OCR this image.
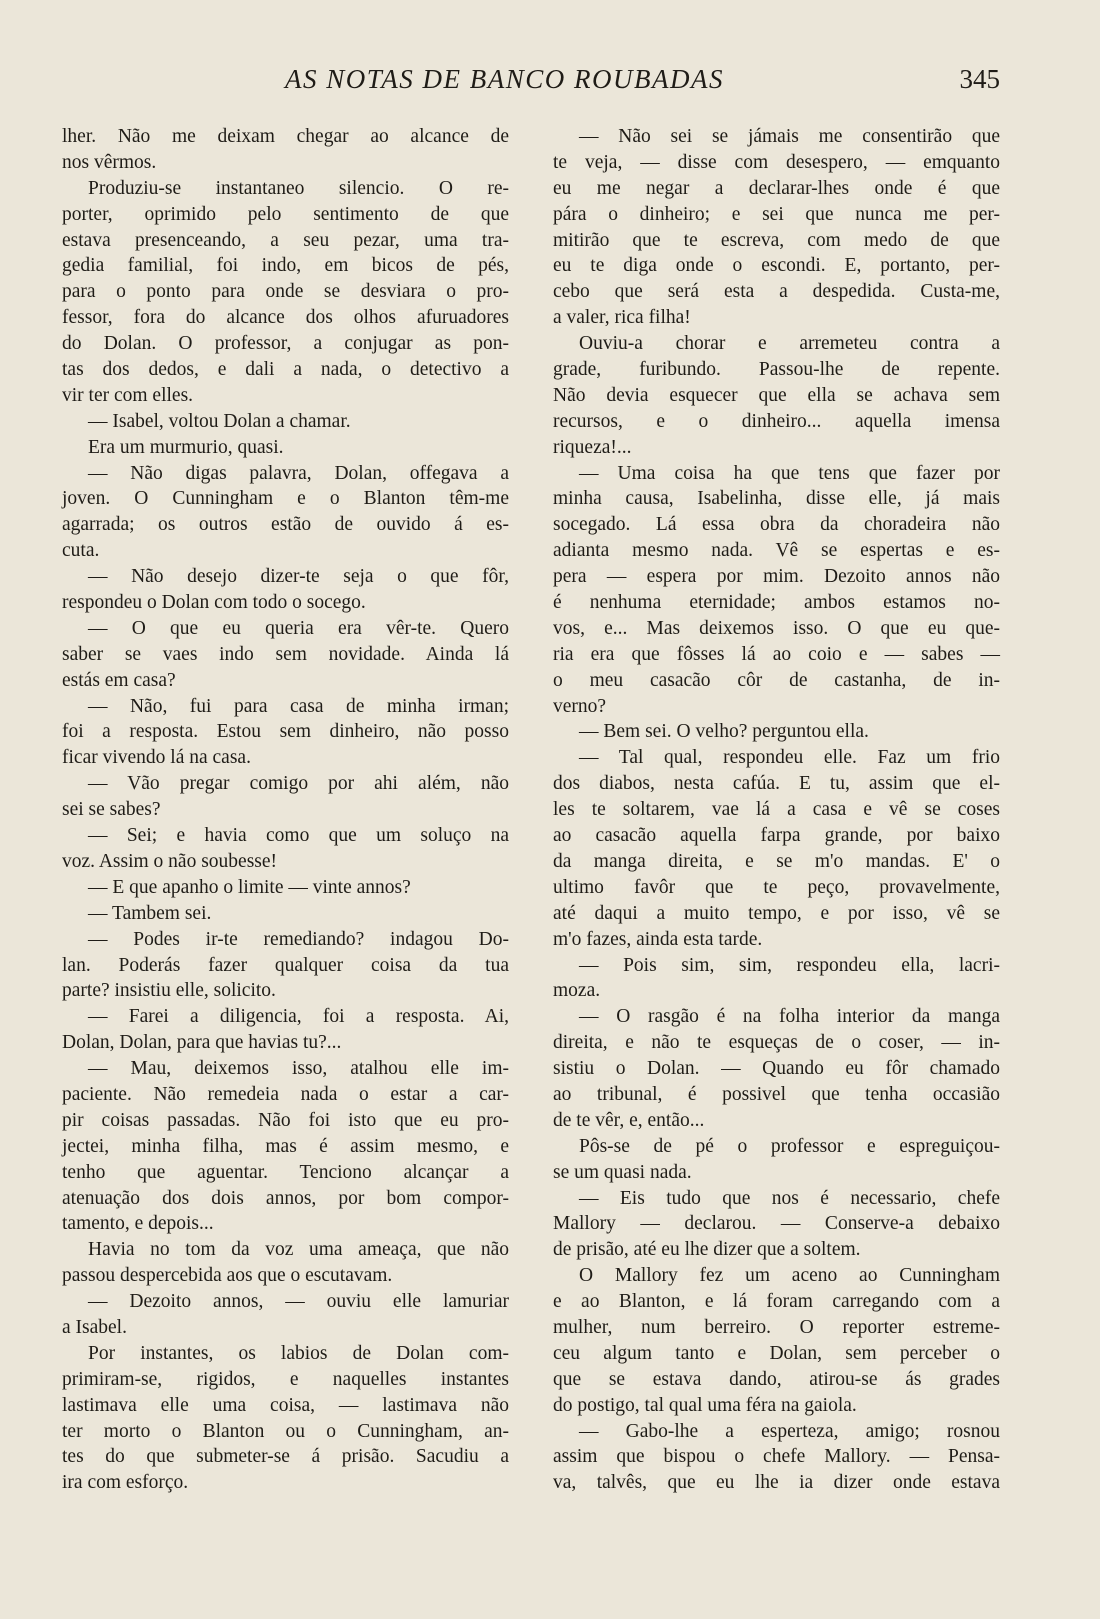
AS NOTAS DE BANCO ROUBADAS	345
lher. Não me deixam chegar ao alcance de
nos vêrmos.
Produziu-se instantaneo silencio. O re-
porter, oprimido pelo sentimento de que
estava presenceando, a seu pezar, uma tra-
gedia familial, foi indo, em bicos de pés,
para o ponto para onde se desviara o pro-
fessor, fora do alcance dos olhos afuruadores
do Dolan. O professor, a conjugar as pon-
tas dos dedos, e dali a nada, o detectivo a
vir ter com elles.
— Isabel, voltou Dolan a chamar.
Era um murmurio, quasi.
— Não digas palavra, Dolan, offegava a
joven. O Cunningham e o Blanton têm-me
agarrada; os outros estão de ouvido á es-
cuta.
— Não desejo dizer-te seja o que fôr,
respondeu o Dolan com todo o socego.
— O que eu queria era vêr-te. Quero
saber se vaes indo sem novidade. Ainda lá
estás em casa?
— Não, fui para casa de minha irman;
foi a resposta. Estou sem dinheiro, não posso
ficar vivendo lá na casa.
— Vão pregar comigo por ahi além, não
sei se sabes?
— Sei; e havia como que um soluço na
voz. Assim o não soubesse!
— E que apanho o limite — vinte annos?
— Tambem sei.
— Podes ir-te remediando? indagou Do-
lan. Poderás fazer qualquer coisa da tua
parte? insistiu elle, solicito.
— Farei a diligencia, foi a resposta. Ai,
Dolan, Dolan, para que havias tu?...
— Mau, deixemos isso, atalhou elle im-
paciente. Não remedeia nada o estar a car-
pir coisas passadas. Não foi isto que eu pro-
jectei, minha filha, mas é assim mesmo, e
tenho que aguentar. Tenciono alcançar a
atenuação dos dois annos, por bom compor-
tamento, e depois...
Havia no tom da voz uma ameaça, que não
passou despercebida aos que o escutavam.
— Dezoito annos, — ouviu elle lamuriar
a Isabel.
Por instantes, os labios de Dolan com-
primiram-se, rigidos, e naquelles instantes
lastimava elle uma coisa, — lastimava não
ter morto o Blanton ou o Cunningham, an-
tes do que submeter-se á prisão. Sacudiu a
ira com esforço.
— Não sei se jámais me consentirão que
te veja, — disse com desespero, — emquanto
eu me negar a declarar-lhes onde é que
pára o dinheiro; e sei que nunca me per-
mitirão que te escreva, com medo de que
eu te diga onde o escondi. E, portanto, per-
cebo que será esta a despedida. Custa-me,
a valer, rica filha!
Ouviu-a chorar e arremeteu contra a
grade, furibundo. Passou-lhe de repente.
Não devia esquecer que ella se achava sem
recursos, e o dinheiro... aquella imensa
riqueza!...
— Uma coisa ha que tens que fazer por
minha causa, Isabelinha, disse elle, já mais
socegado. Lá essa obra da choradeira não
adianta mesmo nada. Vê se espertas e es-
pera — espera por mim. Dezoito annos não
é nenhuma eternidade; ambos estamos no-
vos, e... Mas deixemos isso. O que eu que-
ria era que fôsses lá ao coio e — sabes —
o meu casacão côr de castanha, de in-
verno?
— Bem sei. O velho? perguntou ella.
— Tal qual, respondeu elle. Faz um frio
dos diabos, nesta cafúa. E tu, assim que el-
les te soltarem, vae lá a casa e vê se coses
ao casacão aquella farpa grande, por baixo
da manga direita, e se m'o mandas. E' o
ultimo favôr que te peço, provavelmente,
até daqui a muito tempo, e por isso, vê se
m'o fazes, ainda esta tarde.
— Pois sim, sim, respondeu ella, lacri-
moza.
— O rasgão é na folha interior da manga
direita, e não te esqueças de o coser, — in-
sistiu o Dolan. — Quando eu fôr chamado
ao tribunal, é possivel que tenha occasião
de te vêr, e, então...
Pôs-se de pé o professor e espreguiçou-
se um quasi nada.
— Eis tudo que nos é necessario, chefe
Mallory — declarou. — Conserve-a debaixo
de prisão, até eu lhe dizer que a soltem.
O Mallory fez um aceno ao Cunningham
e ao Blanton, e lá foram carregando com a
mulher, num berreiro. O reporter estreme-
ceu algum tanto e Dolan, sem perceber o
que se estava dando, atirou-se ás grades
do postigo, tal qual uma féra na gaiola.
— Gabo-lhe a esperteza, amigo; rosnou
assim que bispou o chefe Mallory. — Pensa-
va, talvês, que eu lhe ia dizer onde estava
